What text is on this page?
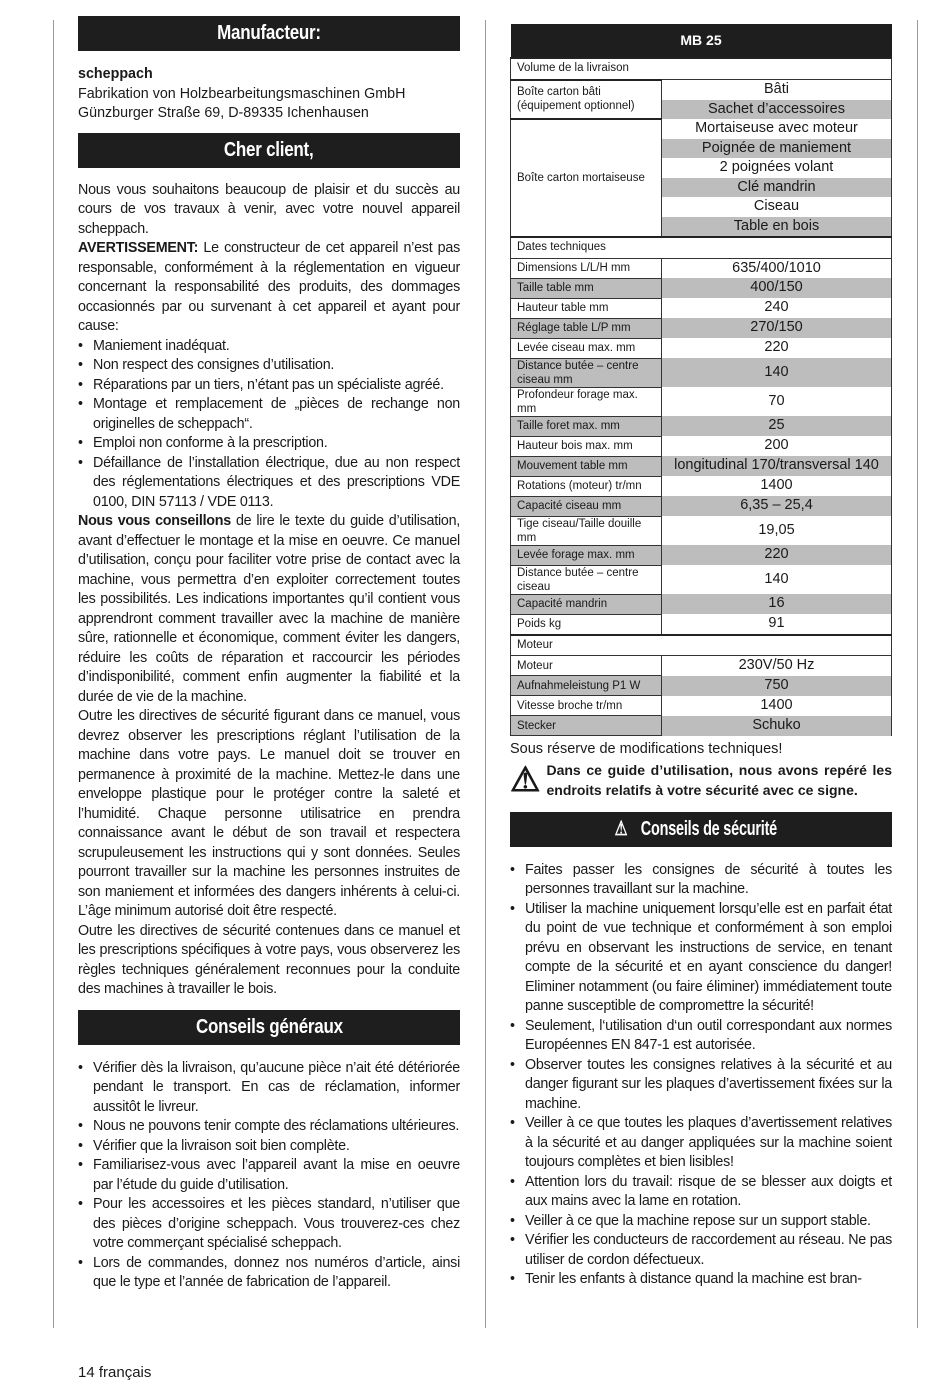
Manufacteur:
scheppach
Fabrikation von Holzbearbeitungsmaschinen GmbH
Günzburger Straße 69, D-89335 Ichenhausen
Cher client,

Nous vous souhaitons beaucoup de plaisir et du succès au cours de vos travaux à venir, avec votre nouvel appareil scheppach.

AVERTISSEMENT: Le constructeur de cet appareil n’est pas responsable, conformément à la réglementation en vigueur concernant la responsabilité des produits, des dommages occasionnés par ou survenant à cet appareil et ayant pour cause:

• Maniement inadéquat.
• Non respect des consignes d’utilisation.
• Réparations par un tiers, n’étant pas un spécialiste agréé.
• Montage et remplacement de „pièces de rechange non originelles de scheppach“.
• Emploi non conforme à la prescription.
• Défaillance de l’installation électrique, due au non respect des réglementations électriques et des prescriptions VDE 0100, DIN 57113 / VDE 0113.

Nous vous conseillons de lire le texte du guide d’utilisation, avant d’effectuer le montage et la mise en oeuvre. Ce manuel d’utilisation, conçu pour faciliter votre prise de contact avec la machine, vous permettra d’en exploiter correctement toutes les possibilités. Les indications importantes qu’il contient vous apprendront comment travailler avec la machine de manière sûre, rationnelle et économique, comment éviter les dangers, réduire les coûts de réparation et raccourcir les périodes d’indisponibilité, comment enfin augmenter la fiabilité et la durée de vie de la machine.

Outre les directives de sécurité figurant dans ce manuel, vous devrez observer les prescriptions réglant l’utilisation de la machine dans votre pays. Le manuel doit se trouver en permanence à proximité de la machine. Mettez-le dans une enveloppe plastique pour le protéger contre la saleté et l’humidité. Chaque personne utilisatrice en prendra connaissance avant le début de son travail et respectera scrupuleusement les instructions qui y sont données. Seules pourront travailler sur la machine les personnes instruites de son maniement et informées des dangers inhérents à celui-ci. L’âge minimum autorisé doit être respecté.

Outre les directives de sécurité contenues dans ce manuel et les prescriptions spécifiques à votre pays, vous observerez les règles techniques généralement reconnues pour la conduite des machines à travailler le bois.

Conseils généraux
• Vérifier dès la livraison, qu’aucune pièce n’ait été détériorée pendant le transport. En cas de réclamation, informer aussitôt le livreur.
• Nous ne pouvons tenir compte des réclamations ultérieures.
• Vérifier que la livraison soit bien complète.
• Familiarisez-vous avec l’appareil avant la mise en oeuvre par l’étude du guide d’utilisation.
• Pour les accessoires et les pièces standard, n’utiliser que des pièces d’origine scheppach. Vous trouverez-ces chez votre commerçant spécialisé scheppach.
• Lors de commandes, donnez nos numéros d’article, ainsi que le type et l’année de fabrication de l’appareil.
MB 25	
Volume de la livraison	
Boîte carton bâti (équipement optionnel)	Bâti
	Sachet d’accessoires
Boîte carton mortaiseuse	Mortaiseuse avec moteur
	Poignée de maniement
	2 poignées volant
	Clé mandrin
	Ciseau
	Table en bois
Dates techniques	
Dimensions L/L/H mm	635/400/1010
Taille table mm	400/150
Hauteur table mm	240
Réglage table L/P mm	270/150
Levée ciseau max. mm	220
Distance butée – centre ciseau mm	140
Profondeur forage max. mm	70
Taille foret max. mm	25
Hauteur bois max. mm	200
Mouvement table mm	longitudinal 170/transversal 140
Rotations (moteur) tr/mn	1400
Capacité ciseau mm	6,35 – 25,4
Tige ciseau/Taille douille mm	19,05
Levée forage max. mm	220
Distance butée – centre ciseau	140
Capacité mandrin	16
Poids kg	91
Moteur	
Moteur	230V/50 Hz
Aufnahmeleistung P1 W	750
Vitesse broche tr/mn	1400
Stecker	Schuko
Sous réserve de modifications techniques!
⚠ Dans ce guide d’utilisation, nous avons repéré les endroits relatifs à votre sécurité avec ce signe.
⚠Conseils de sécurité
• Faites passer les consignes de sécurité à toutes les personnes travaillant sur la machine.
• Utiliser la machine uniquement lorsqu’elle est en parfait état du point de vue technique et conformément à son emploi prévu en observant les instructions de service, en tenant compte de la sécurité et en ayant conscience du danger! Eliminer notamment (ou faire éliminer) immédiatement toute panne susceptible de compromettre la sécurité!
• Seulement, l‘utilisation d‘un outil correspondant aux normes Européennes EN 847-1 est autorisée.
• Observer toutes les consignes relatives à la sécurité et au danger figurant sur les plaques d’avertissement fixées sur la machine.
• Veiller à ce que toutes les plaques d’avertissement relatives à la sécurité et au danger appliquées sur la machine soient toujours complètes et bien lisibles!
• Attention lors du travail: risque de se blesser aux doigts et aux mains avec la lame en rotation.
• Veiller à ce que la machine repose sur un support stable.
• Vérifier les conducteurs de raccordement au réseau. Ne pas utiliser de cordon défectueux.
• Tenir les enfants à distance quand la machine est bran-
14 français
